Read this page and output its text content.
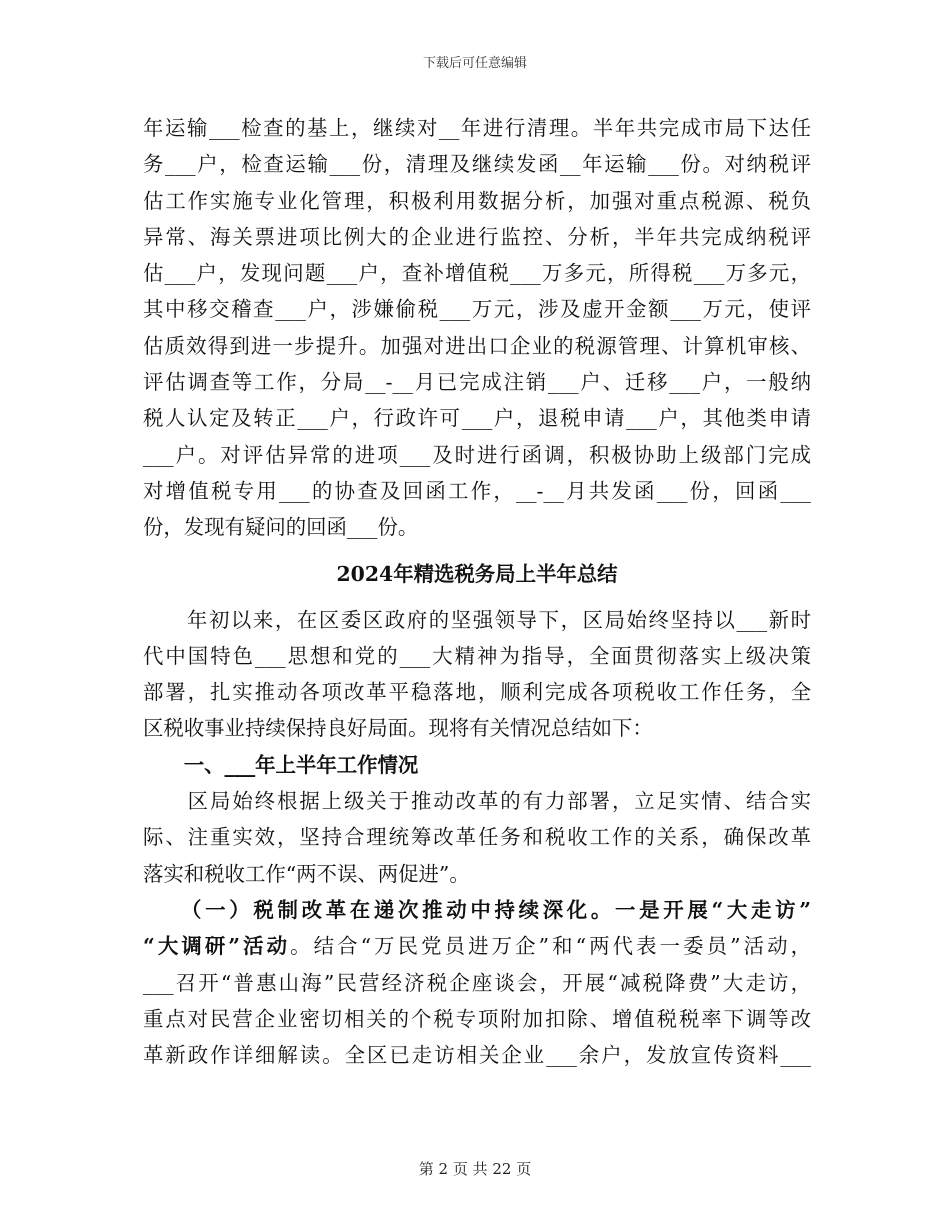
下载后可任意编辑
年运输___检查的基上，继续对__年进行清理。半年共完成市局下达任
务___户，检查运输___份，清理及继续发函__年运输___份。对纳税评
估工作实施专业化管理，积极利用数据分析，加强对重点税源、税负
异常、海关票进项比例大的企业进行监控、分析，半年共完成纳税评
估___户，发现问题___户，查补增值税___万多元，所得税___万多元，
其中移交稽查___户，涉嫌偷税___万元，涉及虚开金额___万元，使评
估质效得到进一步提升。加强对进出口企业的税源管理、计算机审核、
评估调查等工作，分局__-__月已完成注销___户、迁移___户，一般纳
税人认定及转正___户，行政许可___户，退税申请___户，其他类申请
___户。对评估异常的进项___及时进行函调，积极协助上级部门完成
对增值税专用___的协查及回函工作，__-__月共发函___份，回函___
份，发现有疑问的回函___份。
2024年精选税务局上半年总结
　　年初以来，在区委区政府的坚强领导下，区局始终坚持以___新时
代中国特色___思想和党的___大精神为指导，全面贯彻落实上级决策
部署，扎实推动各项改革平稳落地，顺利完成各项税收工作任务，全
区税收事业持续保持良好局面。现将有关情况总结如下：
　　一、___年上半年工作情况
　　区局始终根据上级关于推动改革的有力部署，立足实情、结合实
际、注重实效，坚持合理统筹改革任务和税收工作的关系，确保改革
落实和税收工作“两不误、两促进”。
　　（一）税制改革在递次推动中持续深化。一是开展“大走访”
“大调研”活动。结合“万民党员进万企”和“两代表一委员”活动，
___召开“普惠山海”民营经济税企座谈会，开展“减税降费”大走访，
重点对民营企业密切相关的个税专项附加扣除、增值税税率下调等改
革新政作详细解读。全区已走访相关企业___余户，发放宣传资料___
第 2 页 共 22 页
